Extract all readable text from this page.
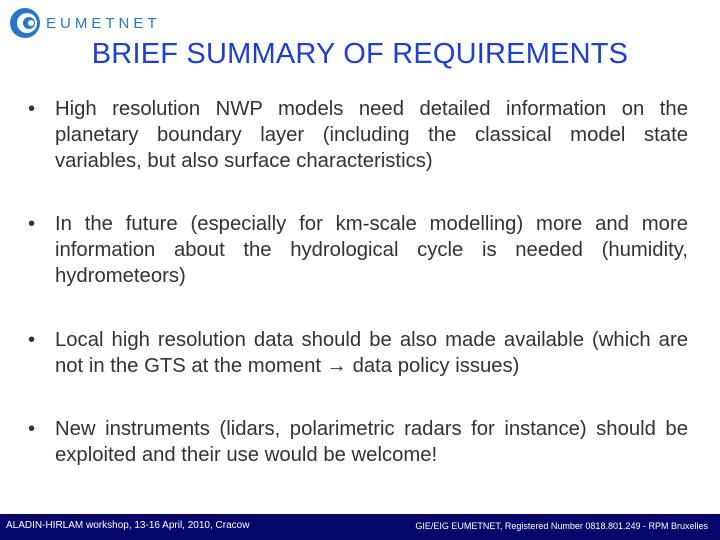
EUMETNET
BRIEF SUMMARY OF REQUIREMENTS
• High resolution NWP models need detailed information on the planetary boundary layer (including the classical model state variables, but also surface characteristics)
• In the future (especially for km-scale modelling) more and more information about the hydrological cycle is needed (humidity, hydrometeors)
• Local high resolution data should be also made available (which are not in the GTS at the moment → data policy issues)
• New instruments (lidars, polarimetric radars for instance) should be exploited and their use would be welcome!
ALADIN-HIRLAM workshop, 13-16 April, 2010, Cracow	GIE/EIG EUMETNET, Registered Number 0818.801.249 - RPM Bruxelles
